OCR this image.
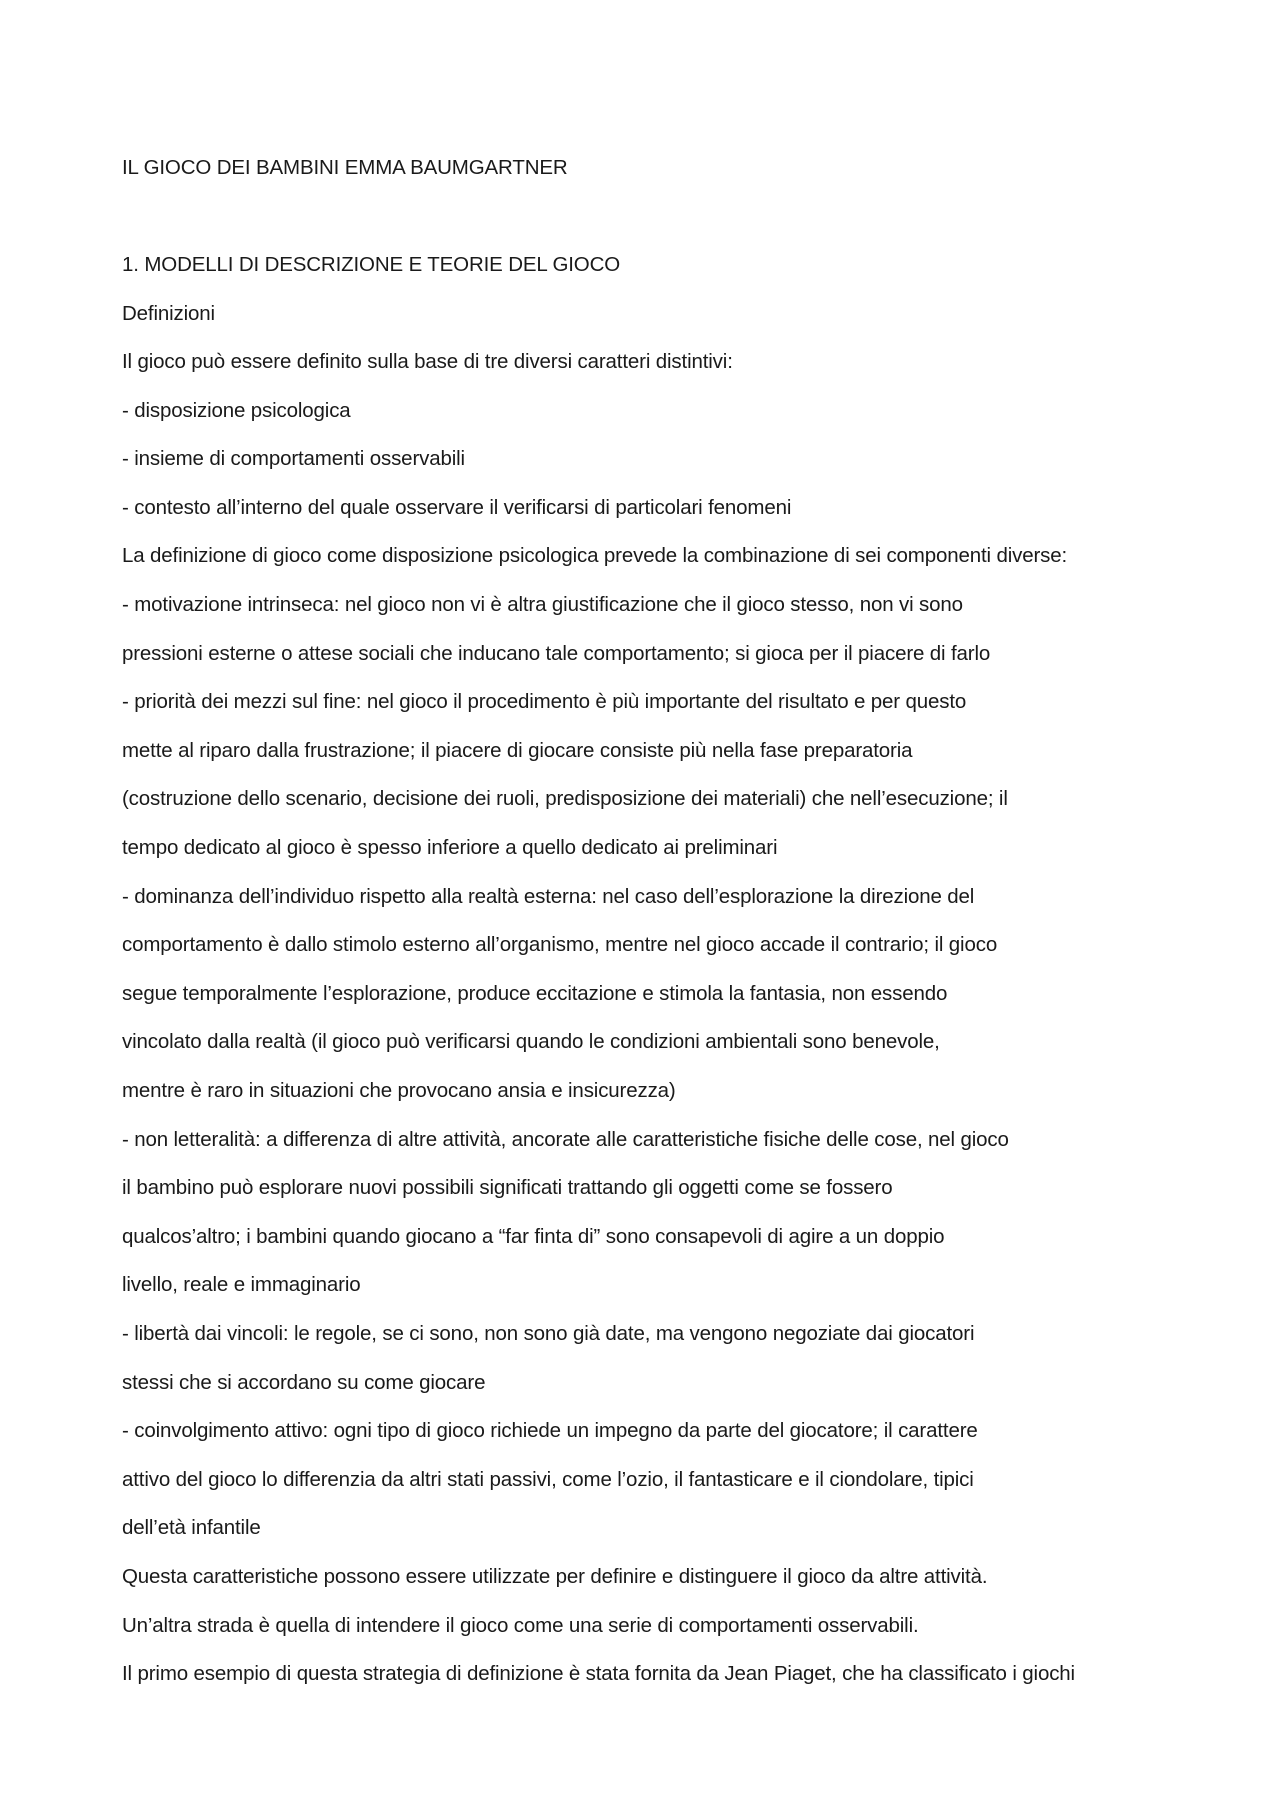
IL GIOCO DEI BAMBINI EMMA BAUMGARTNER
1. MODELLI DI DESCRIZIONE E TEORIE DEL GIOCO
Definizioni
Il gioco può essere definito sulla base di tre diversi caratteri distintivi:
- disposizione psicologica
- insieme di comportamenti osservabili
- contesto all’interno del quale osservare il verificarsi di particolari fenomeni
La definizione di gioco come disposizione psicologica prevede la combinazione di sei componenti diverse:
- motivazione intrinseca: nel gioco non vi è altra giustificazione che il gioco stesso, non vi sono
pressioni esterne o attese sociali che inducano tale comportamento; si gioca per il piacere di farlo
- priorità dei mezzi sul fine: nel gioco il procedimento è più importante del risultato e per questo
mette al riparo dalla frustrazione; il piacere di giocare consiste più nella fase preparatoria
(costruzione dello scenario, decisione dei ruoli, predisposizione dei materiali) che nell’esecuzione; il
tempo dedicato al gioco è spesso inferiore a quello dedicato ai preliminari
- dominanza dell’individuo rispetto alla realtà esterna: nel caso dell’esplorazione la direzione del
comportamento è dallo stimolo esterno all’organismo, mentre nel gioco accade il contrario; il gioco
segue temporalmente l’esplorazione, produce eccitazione e stimola la fantasia, non essendo
vincolato dalla realtà (il gioco può verificarsi quando le condizioni ambientali sono benevole,
mentre è raro in situazioni che provocano ansia e insicurezza)
- non letteralità: a differenza di altre attività, ancorate alle caratteristiche fisiche delle cose, nel gioco
il bambino può esplorare nuovi possibili significati trattando gli oggetti come se fossero
qualcos’altro; i bambini quando giocano a “far finta di” sono consapevoli di agire a un doppio
livello, reale e immaginario
- libertà dai vincoli: le regole, se ci sono, non sono già date, ma vengono negoziate dai giocatori
stessi che si accordano su come giocare
- coinvolgimento attivo: ogni tipo di gioco richiede un impegno da parte del giocatore; il carattere
attivo del gioco lo differenzia da altri stati passivi, come l’ozio, il fantasticare e il ciondolare, tipici
dell’età infantile
Questa caratteristiche possono essere utilizzate per definire e distinguere il gioco da altre attività.
Un’altra strada è quella di intendere il gioco come una serie di comportamenti osservabili.
Il primo esempio di questa strategia di definizione è stata fornita da Jean Piaget, che ha classificato i giochi
